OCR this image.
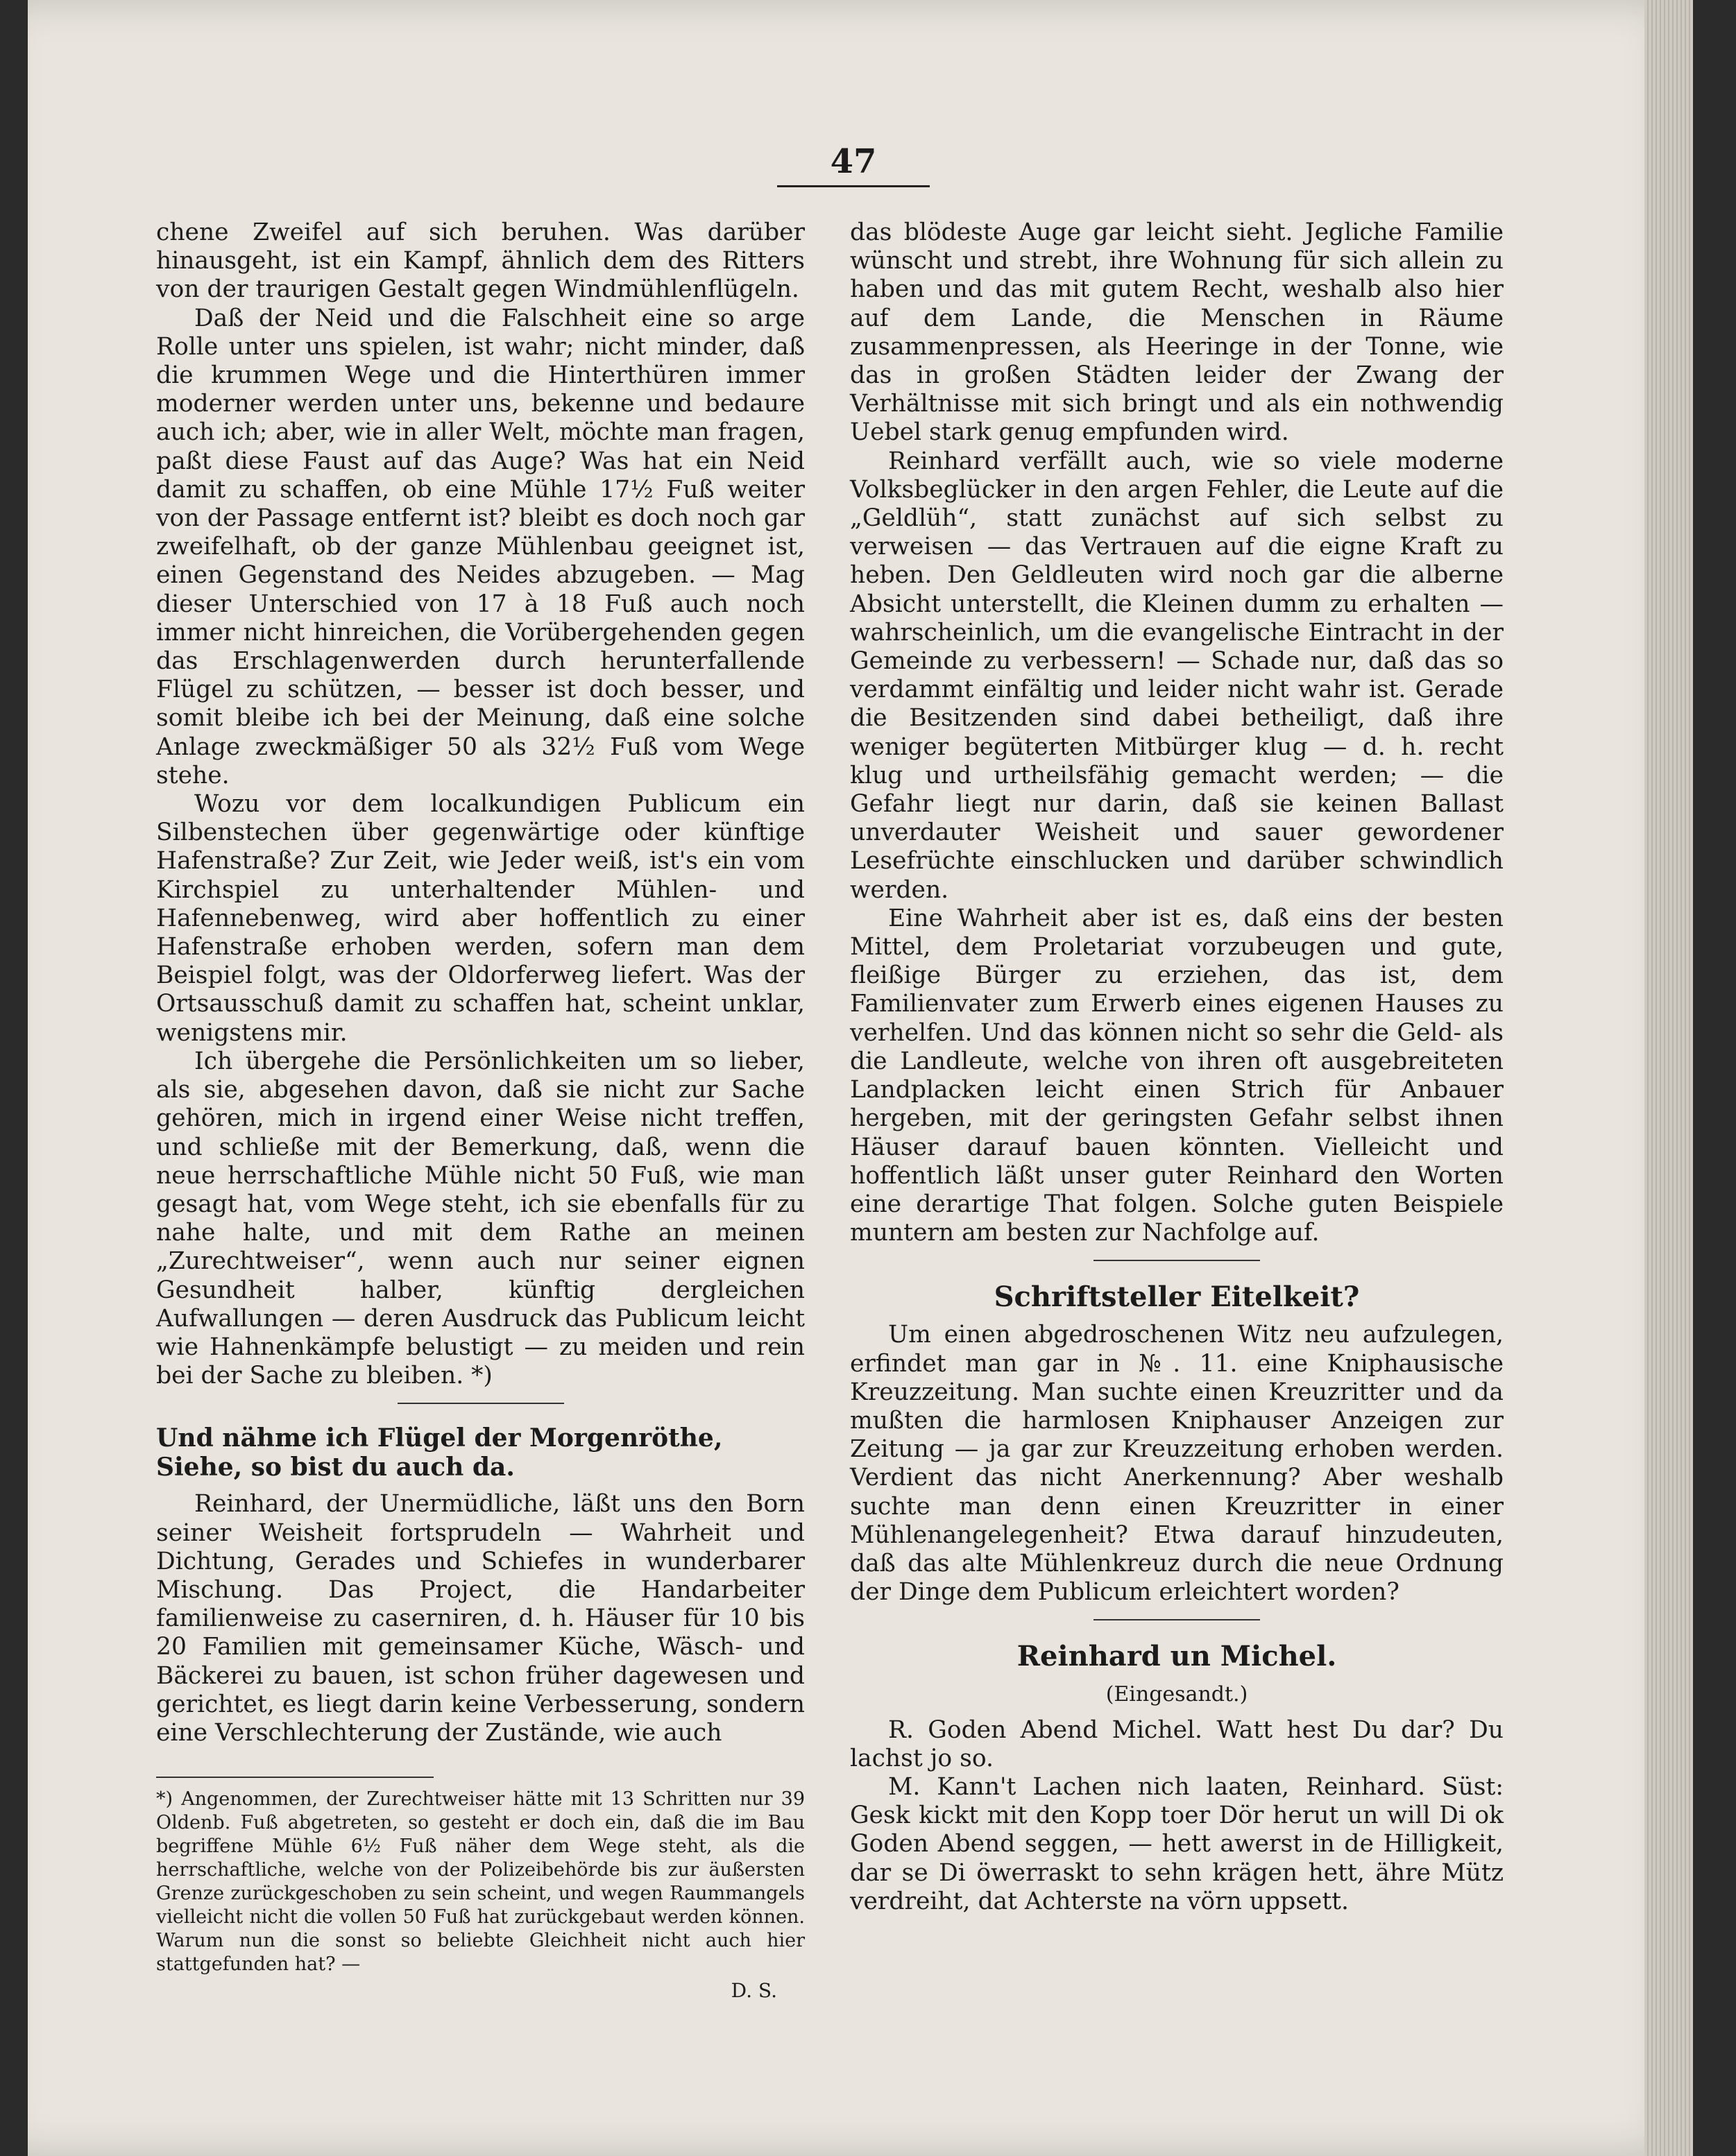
47

chene Zweifel auf sich beruhen. Was darüber hinausgeht, ist ein Kampf, ähnlich dem des Ritters von der traurigen Gestalt gegen Windmühlenflügeln.

Daß der Neid und die Falschheit eine so arge Rolle unter uns spielen, ist wahr; nicht minder, daß die krummen Wege und die Hinterthüren immer moderner werden unter uns, bekenne und bedaure auch ich; aber, wie in aller Welt, möchte man fragen, paßt diese Faust auf das Auge? Was hat ein Neid damit zu schaffen, ob eine Mühle 17½ Fuß weiter von der Passage entfernt ist? bleibt es doch noch gar zweifelhaft, ob der ganze Mühlenbau geeignet ist, einen Gegenstand des Neides abzugeben. — Mag dieser Unterschied von 17 à 18 Fuß auch noch immer nicht hinreichen, die Vorübergehenden gegen das Erschlagenwerden durch herunterfallende Flügel zu schützen, — besser ist doch besser, und somit bleibe ich bei der Meinung, daß eine solche Anlage zweckmäßiger 50 als 32½ Fuß vom Wege stehe.

Wozu vor dem localkundigen Publicum ein Silbenstechen über gegenwärtige oder künftige Hafenstraße? Zur Zeit, wie Jeder weiß, ist's ein vom Kirchspiel zu unterhaltender Mühlen- und Hafennebenweg, wird aber hoffentlich zu einer Hafenstraße erhoben werden, sofern man dem Beispiel folgt, was der Oldorferweg liefert. Was der Ortsausschuß damit zu schaffen hat, scheint unklar, wenigstens mir.

Ich übergehe die Persönlichkeiten um so lieber, als sie, abgesehen davon, daß sie nicht zur Sache gehören, mich in irgend einer Weise nicht treffen, und schließe mit der Bemerkung, daß, wenn die neue herrschaftliche Mühle nicht 50 Fuß, wie man gesagt hat, vom Wege steht, ich sie ebenfalls für zu nahe halte, und mit dem Rathe an meinen „Zurechtweiser“, wenn auch nur seiner eignen Gesundheit halber, künftig dergleichen Aufwallungen — deren Ausdruck das Publicum leicht wie Hahnenkämpfe belustigt — zu meiden und rein bei der Sache zu bleiben. *)

Und nähme ich Flügel der Morgenröthe, Siehe, so bist du auch da.

Reinhard, der Unermüdliche, läßt uns den Born seiner Weisheit fortsprudeln — Wahrheit und Dichtung, Gerades und Schiefes in wunderbarer Mischung. Das Project, die Handarbeiter familienweise zu caserniren, d. h. Häuser für 10 bis 20 Familien mit gemeinsamer Küche, Wäsch- und Bäckerei zu bauen, ist schon früher dagewesen und gerichtet, es liegt darin keine Verbesserung, sondern eine Verschlechterung der Zustände, wie auch

*) Angenommen, der Zurechtweiser hätte mit 13 Schritten nur 39 Oldenb. Fuß abgetreten, so gesteht er doch ein, daß die im Bau begriffene Mühle 6½ Fuß näher dem Wege steht, als die herrschaftliche, welche von der Polizeibehörde bis zur äußersten Grenze zurückgeschoben zu sein scheint, und wegen Raummangels vielleicht nicht die vollen 50 Fuß hat zurückgebaut werden können. Warum nun die sonst so beliebte Gleichheit nicht auch hier stattgefunden hat? —
D. S.

das blödeste Auge gar leicht sieht. Jegliche Familie wünscht und strebt, ihre Wohnung für sich allein zu haben und das mit gutem Recht, weshalb also hier auf dem Lande, die Menschen in Räume zusammenpressen, als Heeringe in der Tonne, wie das in großen Städten leider der Zwang der Verhältnisse mit sich bringt und als ein nothwendig Uebel stark genug empfunden wird.

Reinhard verfällt auch, wie so viele moderne Volksbeglücker in den argen Fehler, die Leute auf die „Geldlüh“, statt zunächst auf sich selbst zu verweisen — das Vertrauen auf die eigne Kraft zu heben. Den Geldleuten wird noch gar die alberne Absicht unterstellt, die Kleinen dumm zu erhalten — wahrscheinlich, um die evangelische Eintracht in der Gemeinde zu verbessern! — Schade nur, daß das so verdammt einfältig und leider nicht wahr ist. Gerade die Besitzenden sind dabei betheiligt, daß ihre weniger begüterten Mitbürger klug — d. h. recht klug und urtheilsfähig gemacht werden; — die Gefahr liegt nur darin, daß sie keinen Ballast unverdauter Weisheit und sauer gewordener Lesefrüchte einschlucken und darüber schwindlich werden.

Eine Wahrheit aber ist es, daß eins der besten Mittel, dem Proletariat vorzubeugen und gute, fleißige Bürger zu erziehen, das ist, dem Familienvater zum Erwerb eines eigenen Hauses zu verhelfen. Und das können nicht so sehr die Geld- als die Landleute, welche von ihren oft ausgebreiteten Landplacken leicht einen Strich für Anbauer hergeben, mit der geringsten Gefahr selbst ihnen Häuser darauf bauen könnten. Vielleicht und hoffentlich läßt unser guter Reinhard den Worten eine derartige That folgen. Solche guten Beispiele muntern am besten zur Nachfolge auf.

Schriftsteller Eitelkeit?

Um einen abgedroschenen Witz neu aufzulegen, erfindet man gar in №. 11. eine Kniphausische Kreuzzeitung. Man suchte einen Kreuzritter und da mußten die harmlosen Kniphauser Anzeigen zur Zeitung — ja gar zur Kreuzzeitung erhoben werden. Verdient das nicht Anerkennung? Aber weshalb suchte man denn einen Kreuzritter in einer Mühlenangelegenheit? Etwa darauf hinzudeuten, daß das alte Mühlenkreuz durch die neue Ordnung der Dinge dem Publicum erleichtert worden?

Reinhard un Michel.
(Eingesandt.)

R. Goden Abend Michel. Watt hest Du dar? Du lachst jo so.

M. Kann't Lachen nich laaten, Reinhard. Süst: Gesk kickt mit den Kopp toer Dör herut un will Di ok Goden Abend seggen, — hett awerst in de Hilligkeit, dar se Di öwerraskt to sehn krägen hett, ähre Mütz verdreiht, dat Achterste na vörn uppsett.
